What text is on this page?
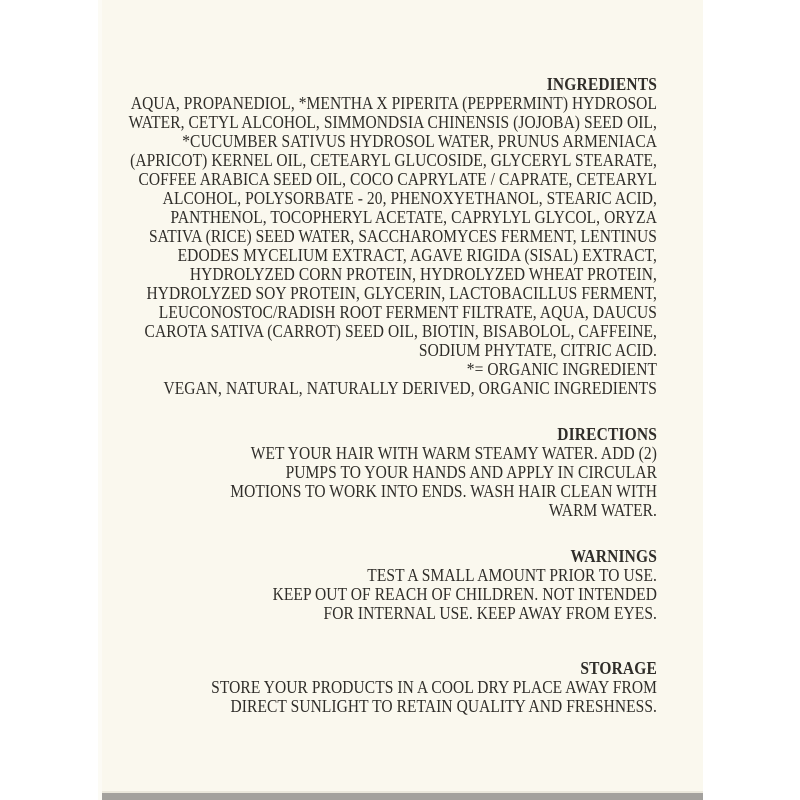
INGREDIENTS
AQUA, PROPANEDIOL, *MENTHA X PIPERITA (PEPPERMINT) HYDROSOL
WATER, CETYL ALCOHOL, SIMMONDSIA CHINENSIS (JOJOBA) SEED OIL,
*CUCUMBER SATIVUS HYDROSOL WATER, PRUNUS ARMENIACA
(APRICOT) KERNEL OIL, CETEARYL GLUCOSIDE, GLYCERYL STEARATE,
COFFEE ARABICA SEED OIL, COCO CAPRYLATE / CAPRATE, CETEARYL
ALCOHOL, POLYSORBATE - 20, PHENOXYETHANOL, STEARIC ACID,
PANTHENOL, TOCOPHERYL ACETATE, CAPRYLYL GLYCOL, ORYZA
SATIVA (RICE) SEED WATER, SACCHAROMYCES FERMENT, LENTINUS
EDODES MYCELIUM EXTRACT, AGAVE RIGIDA (SISAL) EXTRACT,
HYDROLYZED CORN PROTEIN, HYDROLYZED WHEAT PROTEIN,
HYDROLYZED SOY PROTEIN, GLYCERIN, LACTOBACILLUS FERMENT,
LEUCONOSTOC/RADISH ROOT FERMENT FILTRATE, AQUA, DAUCUS
CAROTA SATIVA (CARROT) SEED OIL, BIOTIN, BISABOLOL, CAFFEINE,
SODIUM PHYTATE, CITRIC ACID.
*= ORGANIC INGREDIENT
VEGAN, NATURAL, NATURALLY DERIVED, ORGANIC INGREDIENTS
DIRECTIONS
WET YOUR HAIR WITH WARM STEAMY WATER. ADD (2)
PUMPS TO YOUR HANDS AND APPLY IN CIRCULAR
MOTIONS TO WORK INTO ENDS. WASH HAIR CLEAN WITH
WARM WATER.
WARNINGS
TEST A SMALL AMOUNT PRIOR TO USE.
KEEP OUT OF REACH OF CHILDREN. NOT INTENDED
FOR INTERNAL USE. KEEP AWAY FROM EYES.
STORAGE
STORE YOUR PRODUCTS IN A COOL DRY PLACE AWAY FROM
DIRECT SUNLIGHT TO RETAIN QUALITY AND FRESHNESS.
